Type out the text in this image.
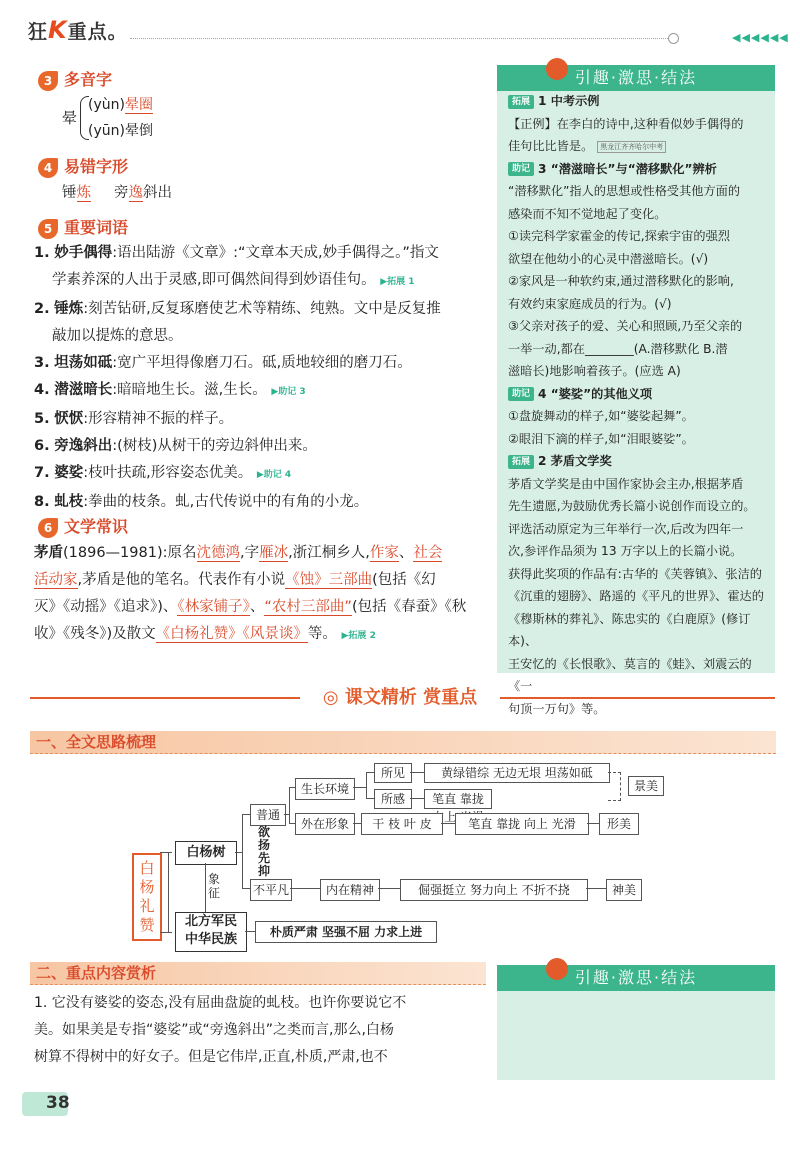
狂K重点。	◀◀◀◀◀◀
3 多音字
晕
(yùn)晕圈
(yūn)晕倒
4 易错字形
锤炼 旁逸斜出
5 重要词语
1. 妙手偶得:语出陆游《文章》:“文章本天成,妙手偶得之。”指文
学素养深的人出于灵感,即可偶然间得到妙语佳句。 ▶拓展 1
2. 锤炼:刻苦钻研,反复琢磨使艺术等精练、纯熟。文中是反复推
敲加以提炼的意思。
3. 坦荡如砥:宽广平坦得像磨刀石。砥,质地较细的磨刀石。
4. 潜滋暗长:暗暗地生长。滋,生长。 ▶助记 3
5. 恹恹:形容精神不振的样子。
6. 旁逸斜出:(树枝)从树干的旁边斜伸出来。
7. 婆娑:枝叶扶疏,形容姿态优美。 ▶助记 4
8. 虬枝:拳曲的枝条。虬,古代传说中的有角的小龙。
6 文学常识
茅盾(1896—1981):原名沈德鸿,字雁冰,浙江桐乡人,作家、社会
活动家,茅盾是他的笔名。代表作有小说《蚀》三部曲(包括《幻
灭》《动摇》《追求》)、《林家铺子》、“农村三部曲”(包括《春蚕》《秋
收》《残冬》)及散文《白杨礼赞》《风景谈》等。 ▶拓展 2
引趣·激思·结法
拓展 1 中考示例
【正例】在李白的诗中,这种看似妙手偶得的
佳句比比皆是。 黑龙江齐齐哈尔中考
助记 3 “潜滋暗长”与“潜移默化”辨析
“潜移默化”指人的思想或性格受其他方面的
感染而不知不觉地起了变化。
①读完科学家霍金的传记,探索宇宙的强烈
欲望在他幼小的心灵中潜滋暗长。(√)
②家风是一种软约束,通过潜移默化的影响,
有效约束家庭成员的行为。(√)
③父亲对孩子的爱、关心和照顾,乃至父亲的
一举一动,都在________(A.潜移默化 B.潜
滋暗长)地影响着孩子。(应选 A)
助记 4 “婆娑”的其他义项
①盘旋舞动的样子,如“婆娑起舞”。
②眼泪下滴的样子,如“泪眼婆娑”。
拓展 2 茅盾文学奖
茅盾文学奖是由中国作家协会主办,根据茅盾
先生遗愿,为鼓励优秀长篇小说创作而设立的。
评选活动原定为三年举行一次,后改为四年一
次,参评作品须为 13 万字以上的长篇小说。
获得此奖项的作品有:古华的《芙蓉镇》、张洁的
《沉重的翅膀》、路遥的《平凡的世界》、霍达的
《穆斯林的葬礼》、陈忠实的《白鹿原》(修订本)、
王安忆的《长恨歌》、莫言的《蛙》、刘震云的《一
句顶一万句》等。
◎ 课文精析 赏重点
一、全文思路梳理
白杨礼赞
白杨树
北方军民
中华民族
象征
普通
不平凡
欲扬先抑
生长环境
外在形象
所见
所感
黄绿错综 无边无垠 坦荡如砥
笔直 靠拢 向上
景美
干 枝 叶 皮	笔直 靠拢 向上 光滑	形美
内在精神	倔强挺立 努力向上 不折不挠	神美
朴质严肃 坚强不屈 力求上进
二、重点内容赏析
1. 它没有婆娑的姿态,没有屈曲盘旋的虬枝。也许你要说它不
美。如果美是专指“婆娑”或“旁逸斜出”之类而言,那么,白杨
树算不得树中的好女子。但是它伟岸,正直,朴质,严肃,也不
引趣·激思·结法
38
